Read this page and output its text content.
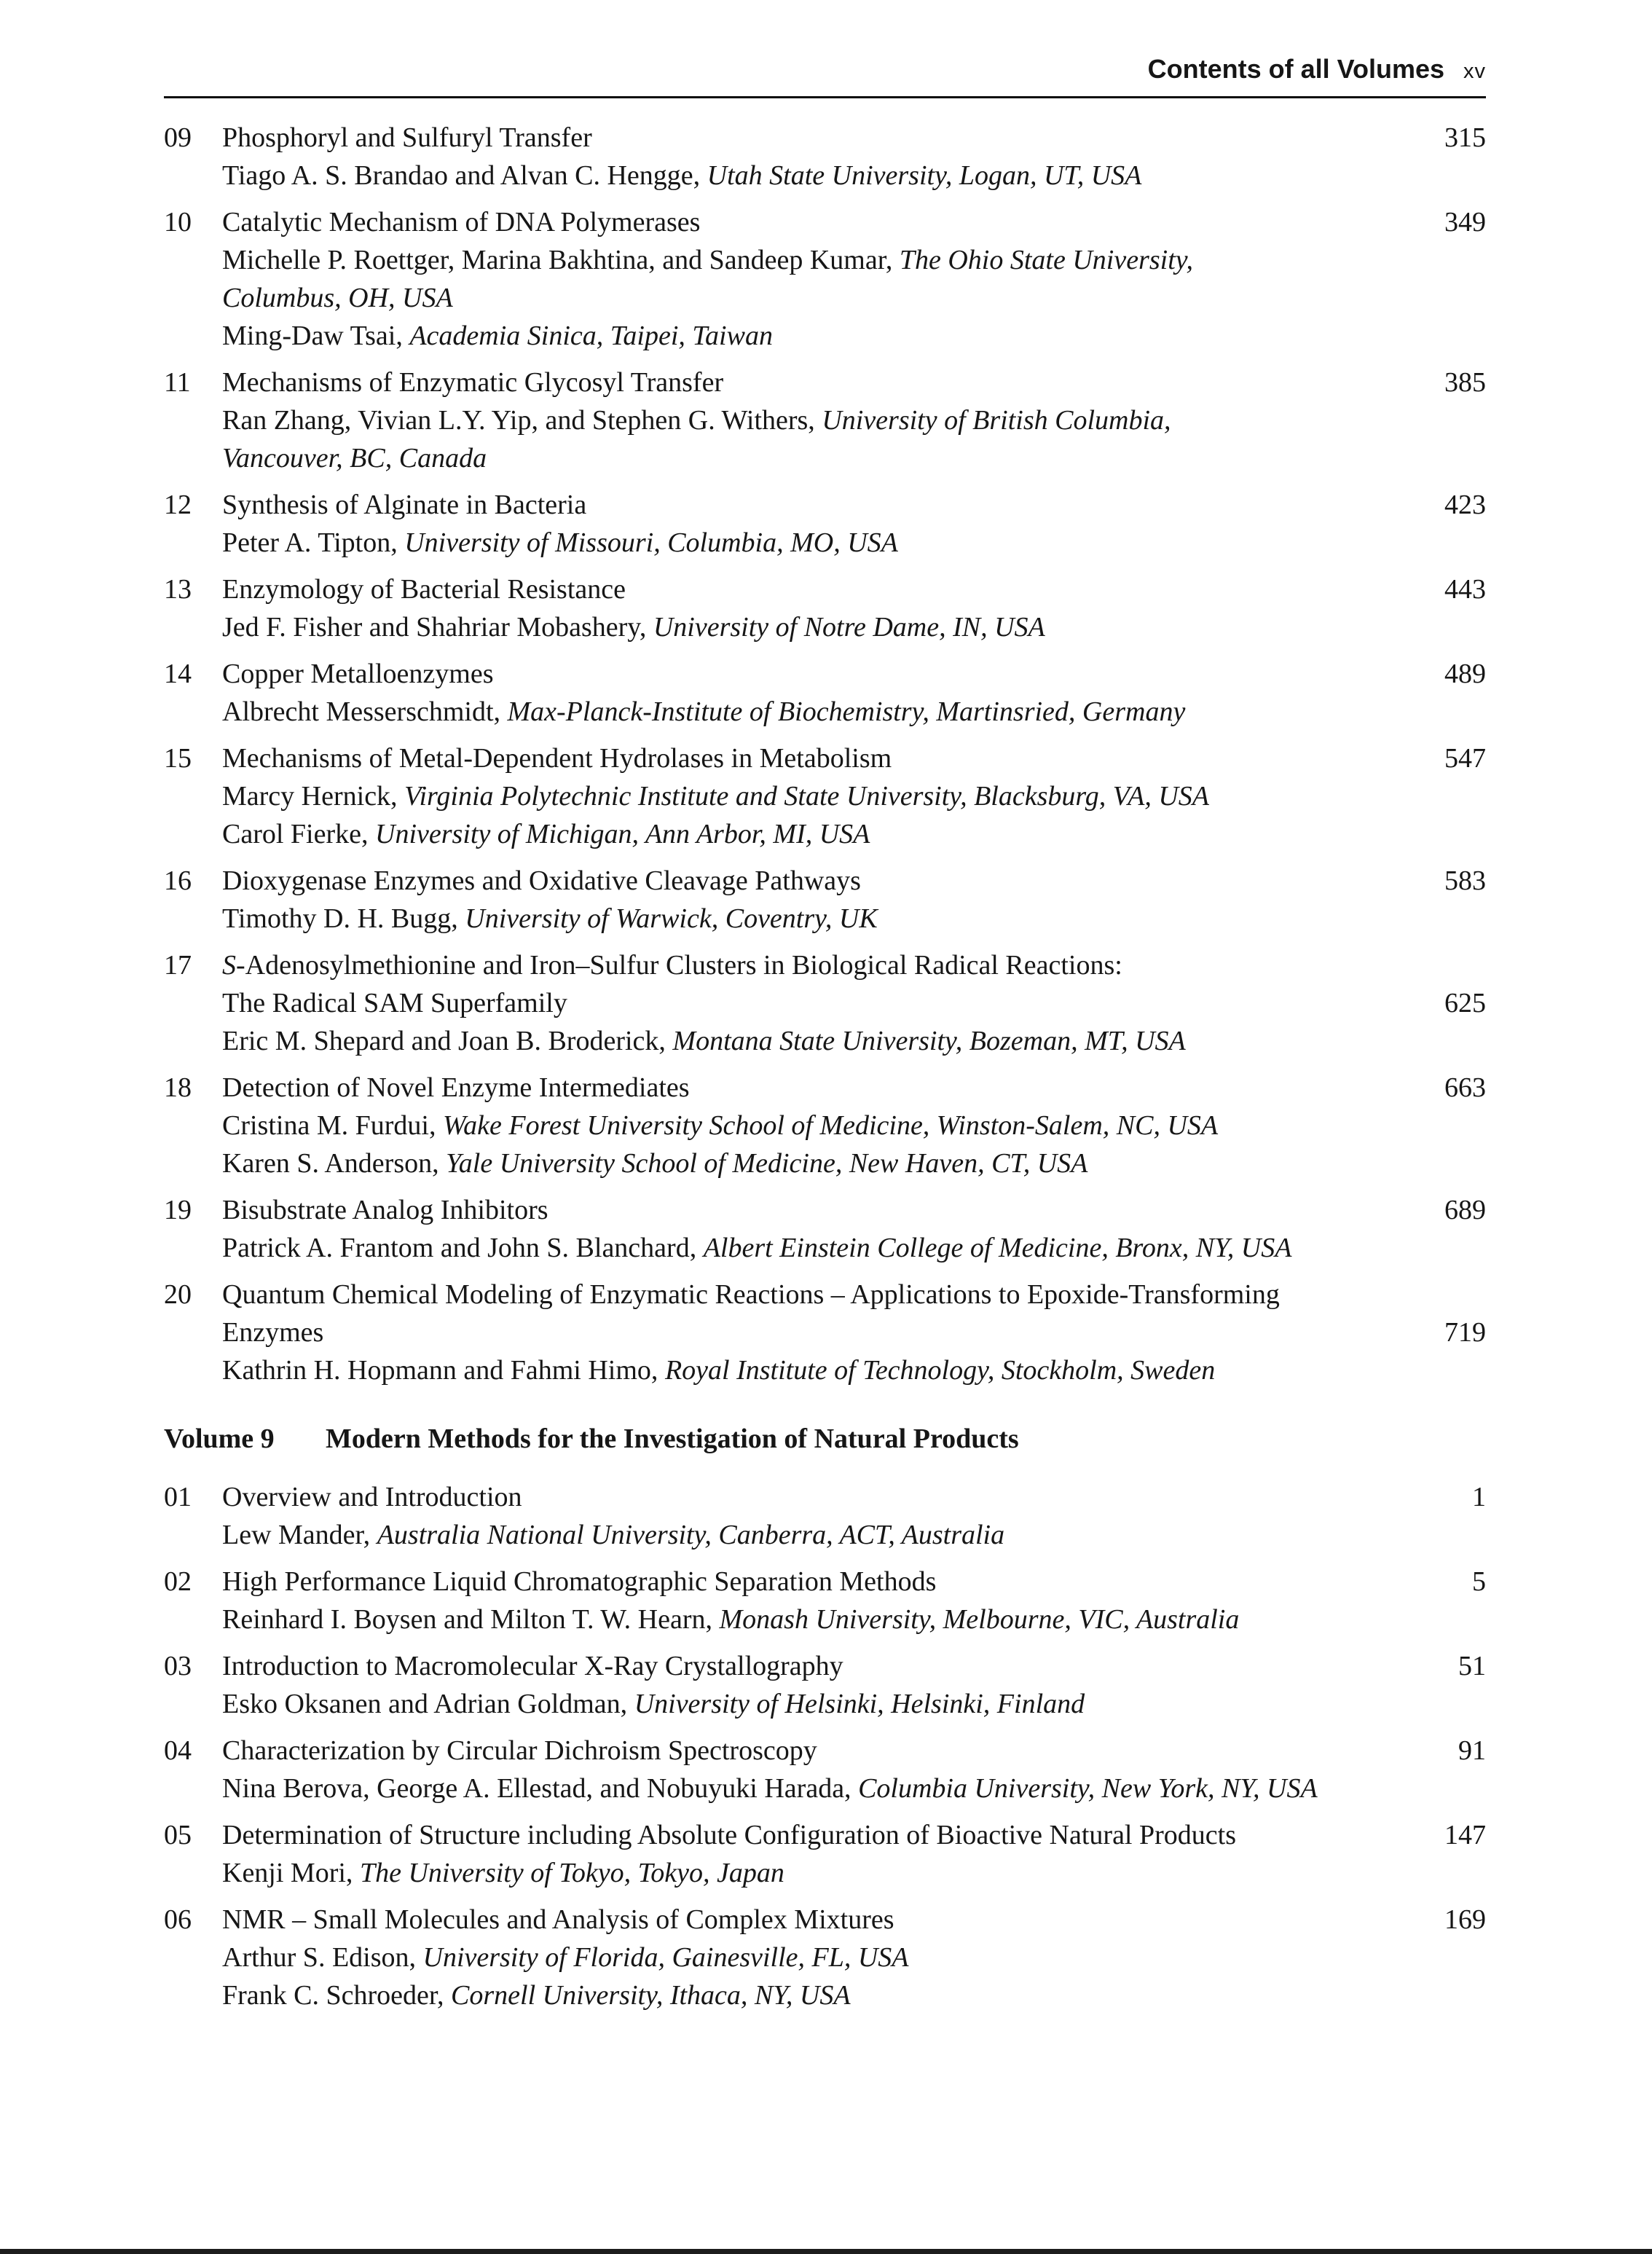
Contents of all Volumes xv
09	Phosphoryl and Sulfuryl Transfer	315
Tiago A. S. Brandao and Alvan C. Hengge, Utah State University, Logan, UT, USA
10	Catalytic Mechanism of DNA Polymerases	349
Michelle P. Roettger, Marina Bakhtina, and Sandeep Kumar, The Ohio State University,
Columbus, OH, USA
Ming-Daw Tsai, Academia Sinica, Taipei, Taiwan
11	Mechanisms of Enzymatic Glycosyl Transfer	385
Ran Zhang, Vivian L.Y. Yip, and Stephen G. Withers, University of British Columbia,
Vancouver, BC, Canada
12	Synthesis of Alginate in Bacteria	423
Peter A. Tipton, University of Missouri, Columbia, MO, USA
13	Enzymology of Bacterial Resistance	443
Jed F. Fisher and Shahriar Mobashery, University of Notre Dame, IN, USA
14	Copper Metalloenzymes	489
Albrecht Messerschmidt, Max-Planck-Institute of Biochemistry, Martinsried, Germany
15	Mechanisms of Metal-Dependent Hydrolases in Metabolism	547
Marcy Hernick, Virginia Polytechnic Institute and State University, Blacksburg, VA, USA
Carol Fierke, University of Michigan, Ann Arbor, MI, USA
16	Dioxygenase Enzymes and Oxidative Cleavage Pathways	583
Timothy D. H. Bugg, University of Warwick, Coventry, UK
17	S-Adenosylmethionine and Iron–Sulfur Clusters in Biological Radical Reactions:
The Radical SAM Superfamily	625
Eric M. Shepard and Joan B. Broderick, Montana State University, Bozeman, MT, USA
18	Detection of Novel Enzyme Intermediates	663
Cristina M. Furdui, Wake Forest University School of Medicine, Winston-Salem, NC, USA
Karen S. Anderson, Yale University School of Medicine, New Haven, CT, USA
19	Bisubstrate Analog Inhibitors	689
Patrick A. Frantom and John S. Blanchard, Albert Einstein College of Medicine, Bronx, NY, USA
20	Quantum Chemical Modeling of Enzymatic Reactions – Applications to Epoxide-Transforming
Enzymes	719
Kathrin H. Hopmann and Fahmi Himo, Royal Institute of Technology, Stockholm, Sweden
Volume 9	Modern Methods for the Investigation of Natural Products
01	Overview and Introduction	1
Lew Mander, Australia National University, Canberra, ACT, Australia
02	High Performance Liquid Chromatographic Separation Methods	5
Reinhard I. Boysen and Milton T. W. Hearn, Monash University, Melbourne, VIC, Australia
03	Introduction to Macromolecular X-Ray Crystallography	51
Esko Oksanen and Adrian Goldman, University of Helsinki, Helsinki, Finland
04	Characterization by Circular Dichroism Spectroscopy	91
Nina Berova, George A. Ellestad, and Nobuyuki Harada, Columbia University, New York, NY, USA
05	Determination of Structure including Absolute Configuration of Bioactive Natural Products	147
Kenji Mori, The University of Tokyo, Tokyo, Japan
06	NMR – Small Molecules and Analysis of Complex Mixtures	169
Arthur S. Edison, University of Florida, Gainesville, FL, USA
Frank C. Schroeder, Cornell University, Ithaca, NY, USA
